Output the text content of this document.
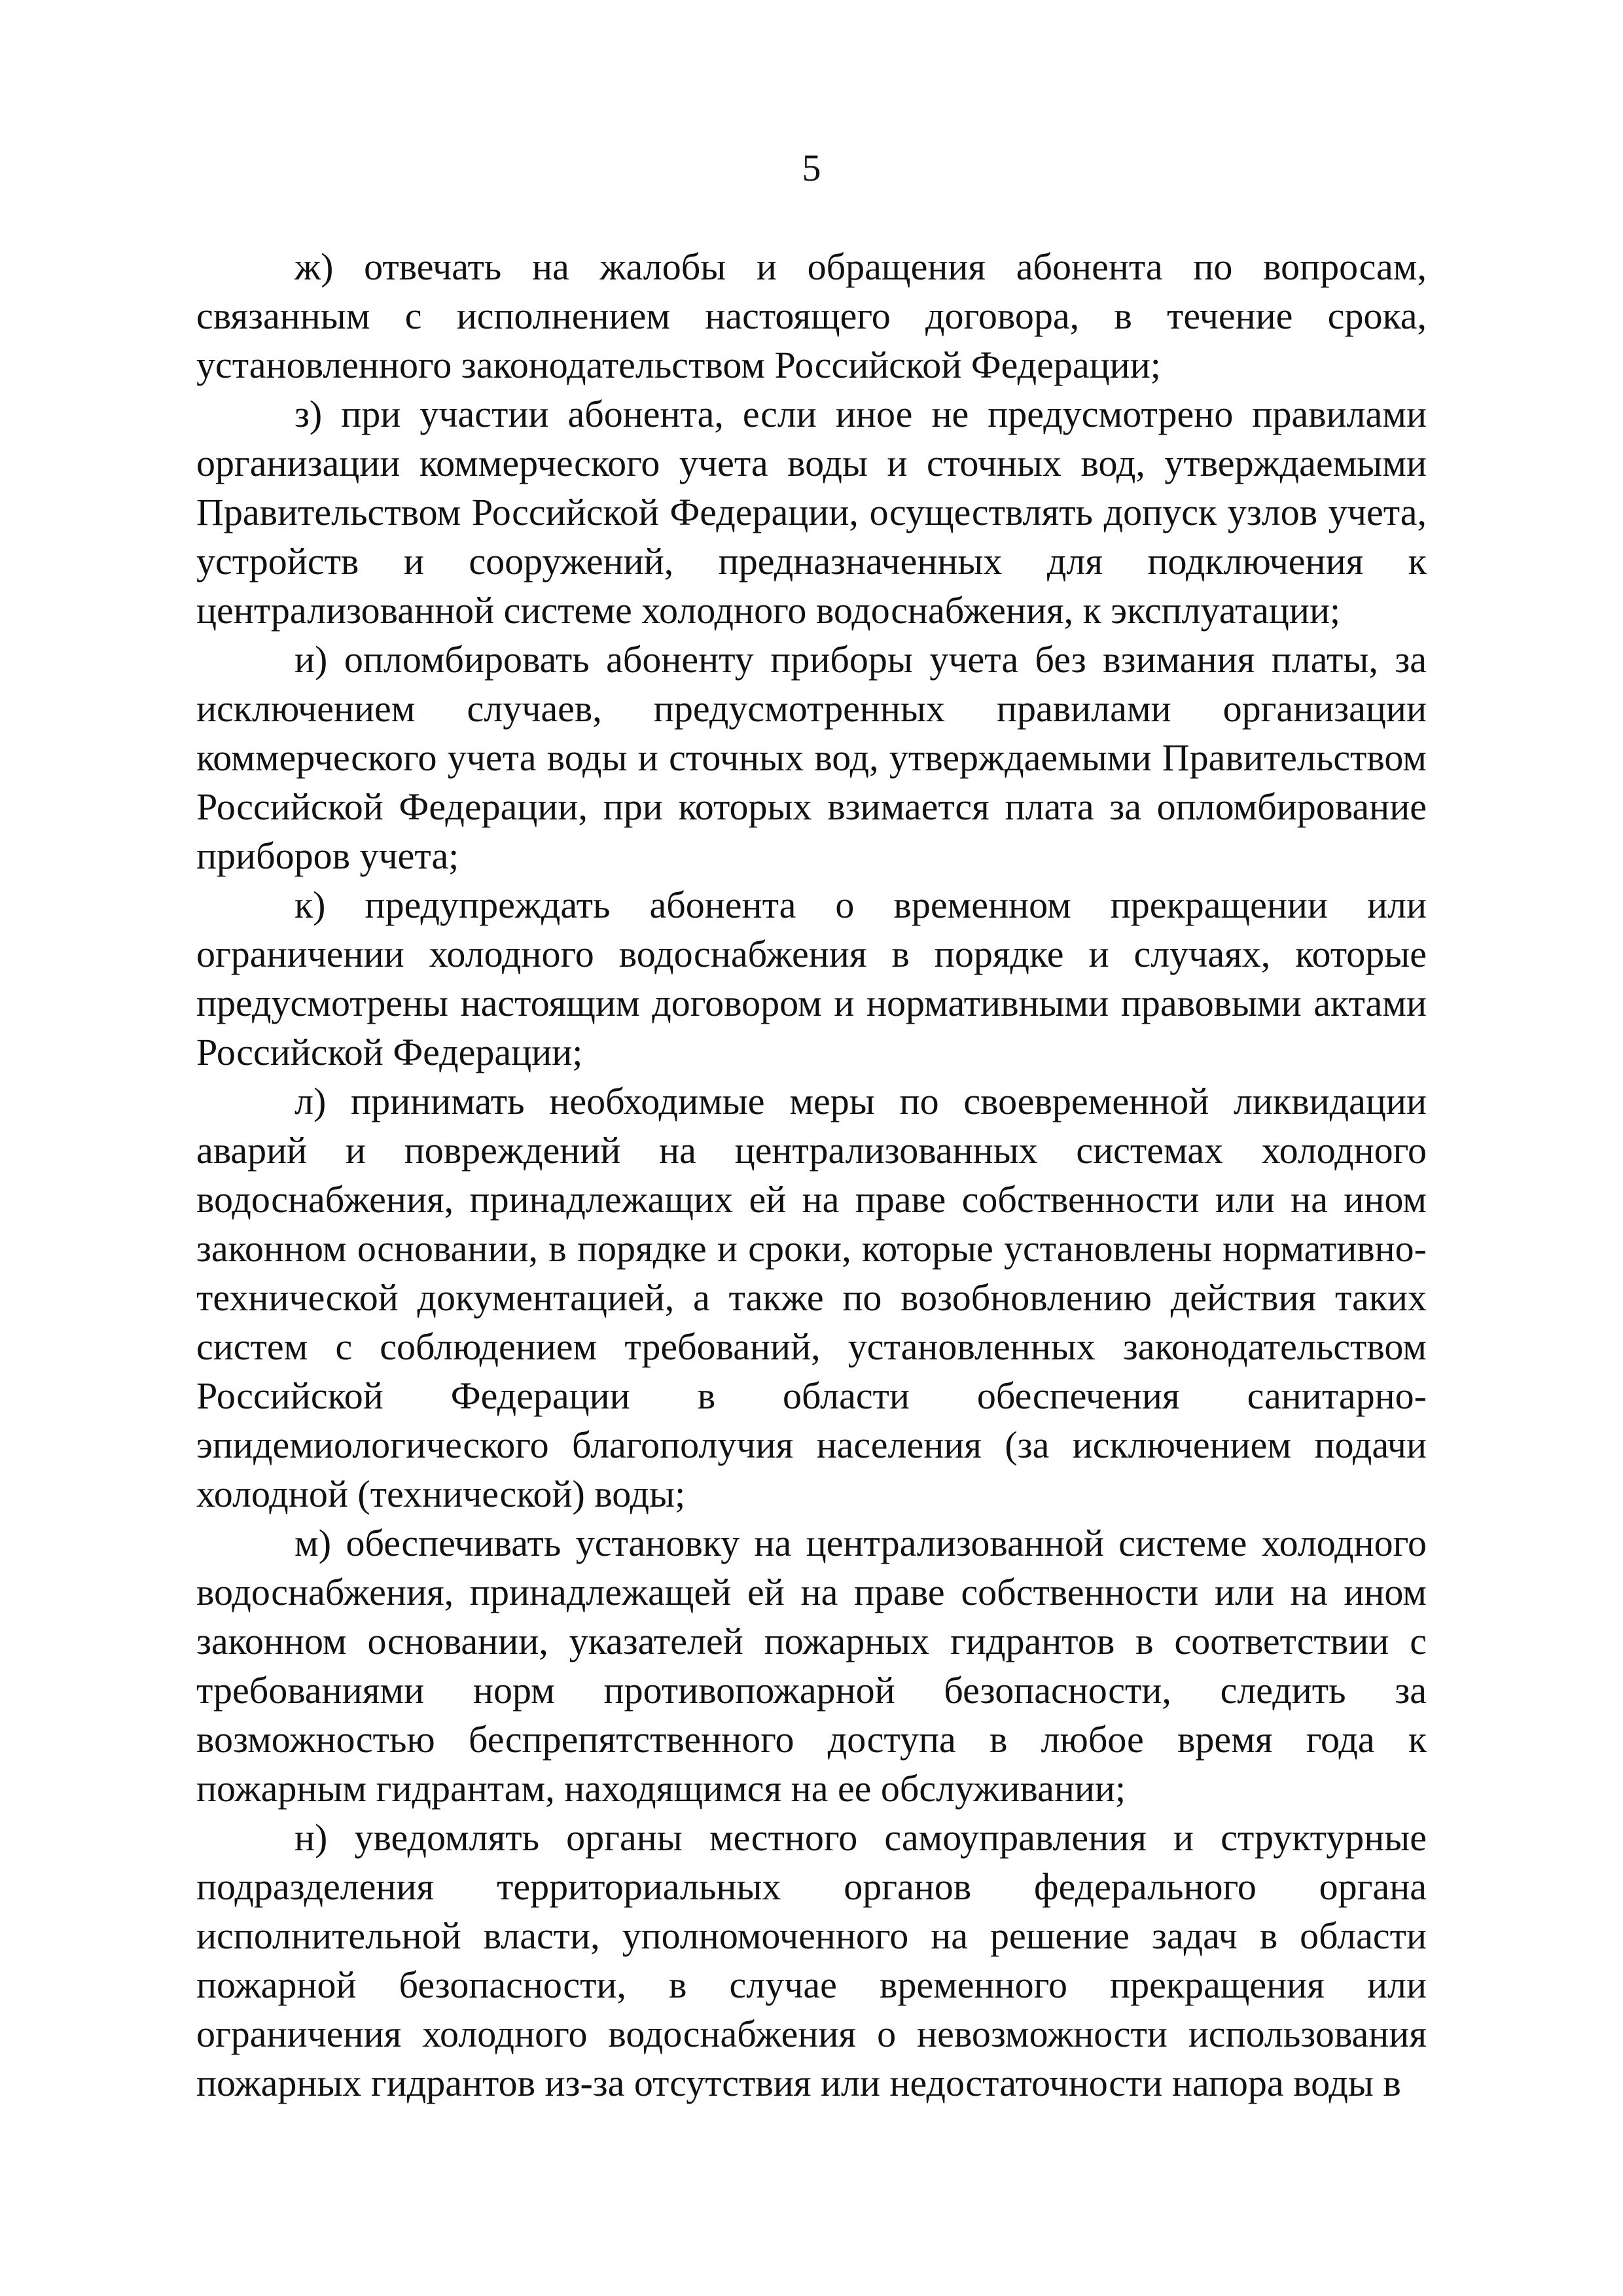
5

ж) отвечать на жалобы и обращения абонента по вопросам, связанным с исполнением настоящего договора, в течение срока, установленного законодательством Российской Федерации;

з) при участии абонента, если иное не предусмотрено правилами организации коммерческого учета воды и сточных вод, утверждаемыми Правительством Российской Федерации, осуществлять допуск узлов учета, устройств и сооружений, предназначенных для подключения к централизованной системе холодного водоснабжения, к эксплуатации;

и) опломбировать абоненту приборы учета без взимания платы, за исключением случаев, предусмотренных правилами организации коммерческого учета воды и сточных вод, утверждаемыми Правительством Российской Федерации, при которых взимается плата за опломбирование приборов учета;

к) предупреждать абонента о временном прекращении или ограничении холодного водоснабжения в порядке и случаях, которые предусмотрены настоящим договором и нормативными правовыми актами Российской Федерации;

л) принимать необходимые меры по своевременной ликвидации аварий и повреждений на централизованных системах холодного водоснабжения, принадлежащих ей на праве собственности или на ином законном основании, в порядке и сроки, которые установлены нормативно-технической документацией, а также по возобновлению действия таких систем с соблюдением требований, установленных законодательством Российской Федерации в области обеспечения санитарно-эпидемиологического благополучия населения (за исключением подачи холодной (технической) воды;

м) обеспечивать установку на централизованной системе холодного водоснабжения, принадлежащей ей на праве собственности или на ином законном основании, указателей пожарных гидрантов в соответствии с требованиями норм противопожарной безопасности, следить за возможностью беспрепятственного доступа в любое время года к пожарным гидрантам, находящимся на ее обслуживании;

н) уведомлять органы местного самоуправления и структурные подразделения территориальных органов федерального органа исполнительной власти, уполномоченного на решение задач в области пожарной безопасности, в случае временного прекращения или ограничения холодного водоснабжения о невозможности использования пожарных гидрантов из-за отсутствия или недостаточности напора воды в
